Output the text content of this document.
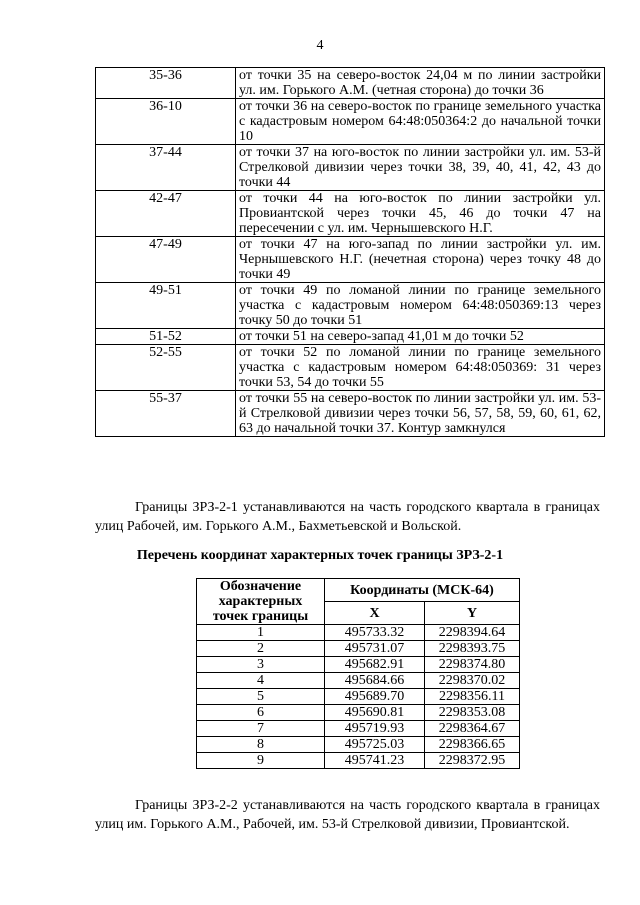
4
35-36	от точки 35 на северо-восток 24,04 м по линии застройки ул. им. Горького А.М. (четная сторона) до точки 36
36-10	от точки 36 на северо-восток по границе земельного участка с кадастровым номером 64:48:050364:2 до начальной точки 10
37-44	от точки 37 на юго-восток по линии застройки ул. им. 53-й Стрелковой дивизии через точки 38, 39, 40, 41, 42, 43 до точки 44
42-47	от точки 44 на юго-восток по линии застройки ул. Провиантской через точки 45, 46 до точки 47 на пересечении с ул. им. Чернышевского Н.Г.
47-49	от точки 47 на юго-запад по линии застройки ул. им. Чернышевского Н.Г. (нечетная сторона) через точку 48 до точки 49
49-51	от точки 49 по ломаной линии по границе земельного участка с кадастровым номером 64:48:050369:13 через точку 50 до точки 51
51-52	от точки 51 на северо-запад 41,01 м до точки 52
52-55	от точки 52 по ломаной линии по границе земельного участка с кадастровым номером 64:48:050369: 31 через точки 53, 54 до точки 55
55-37	от точки 55 на северо-восток по линии застройки ул. им. 53-й Стрелковой дивизии через точки 56, 57, 58, 59, 60, 61, 62, 63 до начальной точки 37. Контур замкнулся

Границы ЗРЗ-2-1 устанавливаются на часть городского квартала в границах улиц Рабочей, им. Горького А.М., Бахметьевской и Вольской.

Перечень координат характерных точек границы ЗРЗ-2-1
Обозначение характерных точек границы	Координаты (МСК-64)	
	X	Y
1	495733.32	2298394.64
2	495731.07	2298393.75
3	495682.91	2298374.80
4	495684.66	2298370.02
5	495689.70	2298356.11
6	495690.81	2298353.08
7	495719.93	2298364.67
8	495725.03	2298366.65
9	495741.23	2298372.95

Границы ЗРЗ-2-2 устанавливаются на часть городского квартала в границах улиц им. Горького А.М., Рабочей, им. 53-й Стрелковой дивизии, Провиантской.
